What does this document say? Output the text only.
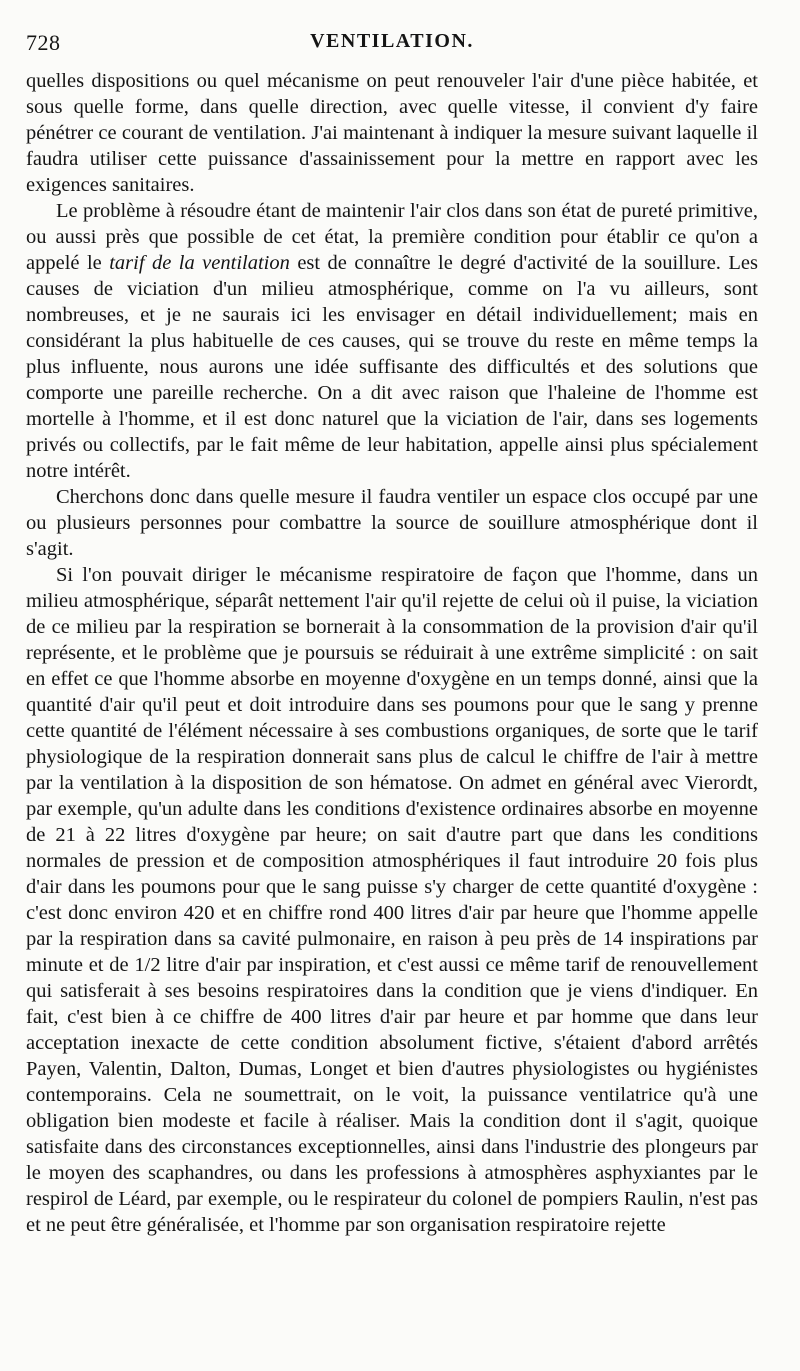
728	VENTILATION.

quelles dispositions ou quel mécanisme on peut renouveler l'air d'une pièce habitée, et sous quelle forme, dans quelle direction, avec quelle vitesse, il convient d'y faire pénétrer ce courant de ventilation. J'ai maintenant à indiquer la mesure suivant laquelle il faudra utiliser cette puissance d'assainissement pour la mettre en rapport avec les exigences sanitaires.

Le problème à résoudre étant de maintenir l'air clos dans son état de pureté primitive, ou aussi près que possible de cet état, la première condition pour établir ce qu'on a appelé le tarif de la ventilation est de connaître le degré d'activité de la souillure. Les causes de viciation d'un milieu atmosphérique, comme on l'a vu ailleurs, sont nombreuses, et je ne saurais ici les envisager en détail individuellement; mais en considérant la plus habituelle de ces causes, qui se trouve du reste en même temps la plus influente, nous aurons une idée suffisante des difficultés et des solutions que comporte une pareille recherche. On a dit avec raison que l'haleine de l'homme est mortelle à l'homme, et il est donc naturel que la viciation de l'air, dans ses logements privés ou collectifs, par le fait même de leur habitation, appelle ainsi plus spécialement notre intérêt.

Cherchons donc dans quelle mesure il faudra ventiler un espace clos occupé par une ou plusieurs personnes pour combattre la source de souillure atmosphérique dont il s'agit.

Si l'on pouvait diriger le mécanisme respiratoire de façon que l'homme, dans un milieu atmosphérique, séparât nettement l'air qu'il rejette de celui où il puise, la viciation de ce milieu par la respiration se bornerait à la consommation de la provision d'air qu'il représente, et le problème que je poursuis se réduirait à une extrême simplicité : on sait en effet ce que l'homme absorbe en moyenne d'oxygène en un temps donné, ainsi que la quantité d'air qu'il peut et doit introduire dans ses poumons pour que le sang y prenne cette quantité de l'élément nécessaire à ses combustions organiques, de sorte que le tarif physiologique de la respiration donnerait sans plus de calcul le chiffre de l'air à mettre par la ventilation à la disposition de son hématose. On admet en général avec Vierordt, par exemple, qu'un adulte dans les conditions d'existence ordinaires absorbe en moyenne de 21 à 22 litres d'oxygène par heure; on sait d'autre part que dans les conditions normales de pression et de composition atmosphériques il faut introduire 20 fois plus d'air dans les poumons pour que le sang puisse s'y charger de cette quantité d'oxygène : c'est donc environ 420 et en chiffre rond 400 litres d'air par heure que l'homme appelle par la respiration dans sa cavité pulmonaire, en raison à peu près de 14 inspirations par minute et de 1/2 litre d'air par inspiration, et c'est aussi ce même tarif de renouvellement qui satisferait à ses besoins respiratoires dans la condition que je viens d'indiquer. En fait, c'est bien à ce chiffre de 400 litres d'air par heure et par homme que dans leur acceptation inexacte de cette condition absolument fictive, s'étaient d'abord arrêtés Payen, Valentin, Dalton, Dumas, Longet et bien d'autres physiologistes ou hygiénistes contemporains. Cela ne soumettrait, on le voit, la puissance ventilatrice qu'à une obligation bien modeste et facile à réaliser. Mais la condition dont il s'agit, quoique satisfaite dans des circonstances exceptionnelles, ainsi dans l'industrie des plongeurs par le moyen des scaphandres, ou dans les professions à atmosphères asphyxiantes par le respirol de Léard, par exemple, ou le respirateur du colonel de pompiers Raulin, n'est pas et ne peut être généralisée, et l'homme par son organisation respiratoire rejette
